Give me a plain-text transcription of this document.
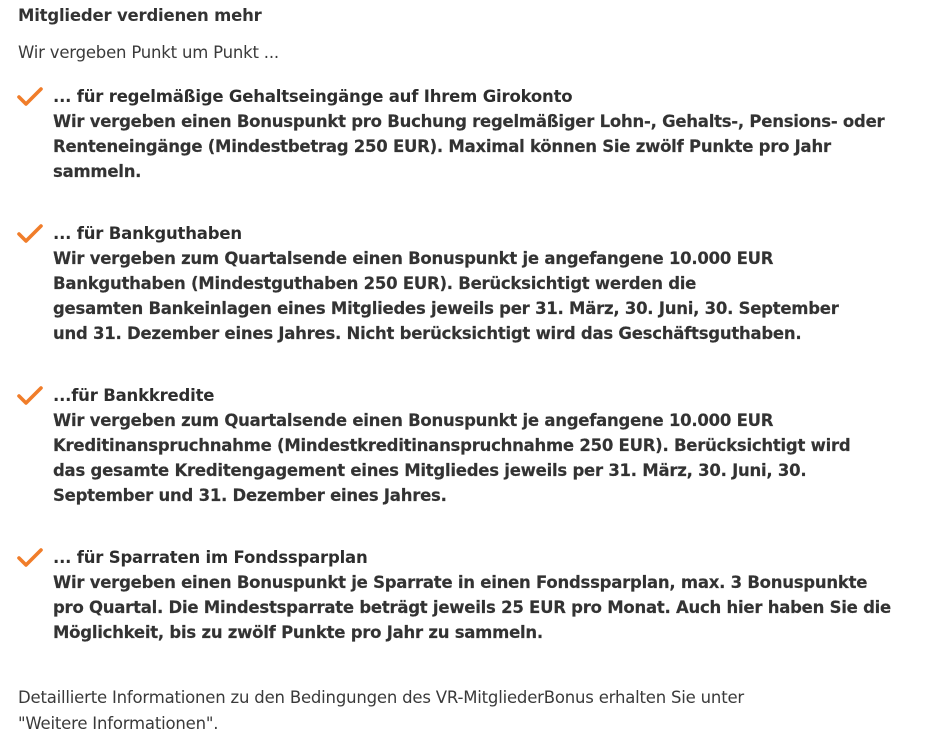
Mitglieder verdienen mehr
Wir vergeben Punkt um Punkt ...
... für regelmäßige Gehaltseingänge auf Ihrem Girokonto
Wir vergeben einen Bonuspunkt pro Buchung regelmäßiger Lohn-, Gehalts-, Pensions- oder
Renteneingänge (Mindestbetrag 250 EUR). Maximal können Sie zwölf Punkte pro Jahr
sammeln.
... für Bankguthaben
Wir vergeben zum Quartalsende einen Bonuspunkt je angefangene 10.000 EUR
Bankguthaben (Mindestguthaben 250 EUR). Berücksichtigt werden die
gesamten Bankeinlagen eines Mitgliedes jeweils per 31. März, 30. Juni, 30. September
und 31. Dezember eines Jahres. Nicht berücksichtigt wird das Geschäftsguthaben.
...für Bankkredite
Wir vergeben zum Quartalsende einen Bonuspunkt je angefangene 10.000 EUR
Kreditinanspruchnahme (Mindestkreditinanspruchnahme 250 EUR). Berücksichtigt wird
das gesamte Kreditengagement eines Mitgliedes jeweils per 31. März, 30. Juni, 30.
September und 31. Dezember eines Jahres.
... für Sparraten im Fondssparplan
Wir vergeben einen Bonuspunkt je Sparrate in einen Fondssparplan, max. 3 Bonuspunkte
pro Quartal. Die Mindestsparrate beträgt jeweils 25 EUR pro Monat. Auch hier haben Sie die
Möglichkeit, bis zu zwölf Punkte pro Jahr zu sammeln.
Detaillierte Informationen zu den Bedingungen des VR-MitgliederBonus erhalten Sie unter
"Weitere Informationen".
